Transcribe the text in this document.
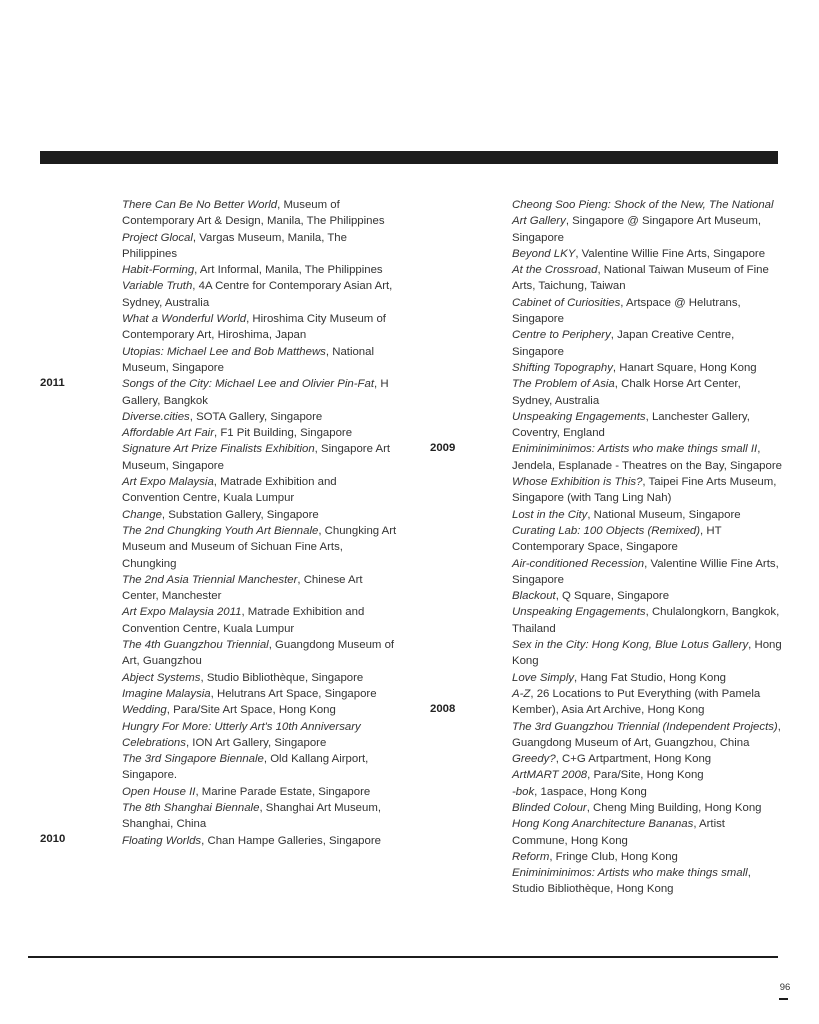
2011
2010
2009
2008

There Can Be No Better World, Museum of Contemporary Art & Design, Manila, The Philippines

Project Glocal, Vargas Museum, Manila, The Philippines

Habit-Forming, Art Informal, Manila, The Philippines

Variable Truth, 4A Centre for Contemporary Asian Art, Sydney, Australia

What a Wonderful World, Hiroshima City Museum of Contemporary Art, Hiroshima, Japan

Utopias: Michael Lee and Bob Matthews, National Museum, Singapore

Songs of the City: Michael Lee and Olivier Pin-Fat, H Gallery, Bangkok

Diverse.cities, SOTA Gallery, Singapore

Affordable Art Fair, F1 Pit Building, Singapore

Signature Art Prize Finalists Exhibition, Singapore Art Museum, Singapore

Art Expo Malaysia, Matrade Exhibition and Convention Centre, Kuala Lumpur

Change, Substation Gallery, Singapore

The 2nd Chungking Youth Art Biennale, Chungking Art Museum and Museum of Sichuan Fine Arts, Chungking

The 2nd Asia Triennial Manchester, Chinese Art Center, Manchester

Art Expo Malaysia 2011, Matrade Exhibition and Convention Centre, Kuala Lumpur

The 4th Guangzhou Triennial, Guangdong Museum of Art, Guangzhou

Abject Systems, Studio Bibliothèque, Singapore

Imagine Malaysia, Helutrans Art Space, Singapore

Wedding, Para/Site Art Space, Hong Kong

Hungry For More: Utterly Art's 10th Anniversary Celebrations, ION Art Gallery, Singapore

The 3rd Singapore Biennale, Old Kallang Airport, Singapore.

Open House II, Marine Parade Estate, Singapore

The 8th Shanghai Biennale, Shanghai Art Museum, Shanghai, China

Floating Worlds, Chan Hampe Galleries, Singapore

Cheong Soo Pieng: Shock of the New, The National Art Gallery, Singapore @ Singapore Art Museum, Singapore

Beyond LKY, Valentine Willie Fine Arts, Singapore

At the Crossroad, National Taiwan Museum of Fine Arts, Taichung, Taiwan

Cabinet of Curiosities, Artspace @ Helutrans, Singapore

Centre to Periphery, Japan Creative Centre, Singapore

Shifting Topography, Hanart Square, Hong Kong

The Problem of Asia, Chalk Horse Art Center, Sydney, Australia

Unspeaking Engagements, Lanchester Gallery, Coventry, England

Eniminiminimos: Artists who make things small II, Jendela, Esplanade - Theatres on the Bay, Singapore

Whose Exhibition is This?, Taipei Fine Arts Museum, Singapore (with Tang Ling Nah)

Lost in the City, National Museum, Singapore

Curating Lab: 100 Objects (Remixed), HT Contemporary Space, Singapore

Air-conditioned Recession, Valentine Willie Fine Arts, Singapore

Blackout, Q Square, Singapore

Unspeaking Engagements, Chulalongkorn, Bangkok, Thailand

Sex in the City: Hong Kong, Blue Lotus Gallery, Hong Kong

Love Simply, Hang Fat Studio, Hong Kong

A-Z, 26 Locations to Put Everything (with Pamela Kember), Asia Art Archive, Hong Kong

The 3rd Guangzhou Triennial (Independent Projects), Guangdong Museum of Art, Guangzhou, China

Greedy?, C+G Artpartment, Hong Kong

ArtMART 2008, Para/Site, Hong Kong

-bok, 1aspace, Hong Kong

Blinded Colour, Cheng Ming Building, Hong Kong

Hong Kong Anarchitecture Bananas, Artist Commune, Hong Kong

Reform, Fringe Club, Hong Kong

Eniminiminimos: Artists who make things small, Studio Bibliothèque, Hong Kong

96
